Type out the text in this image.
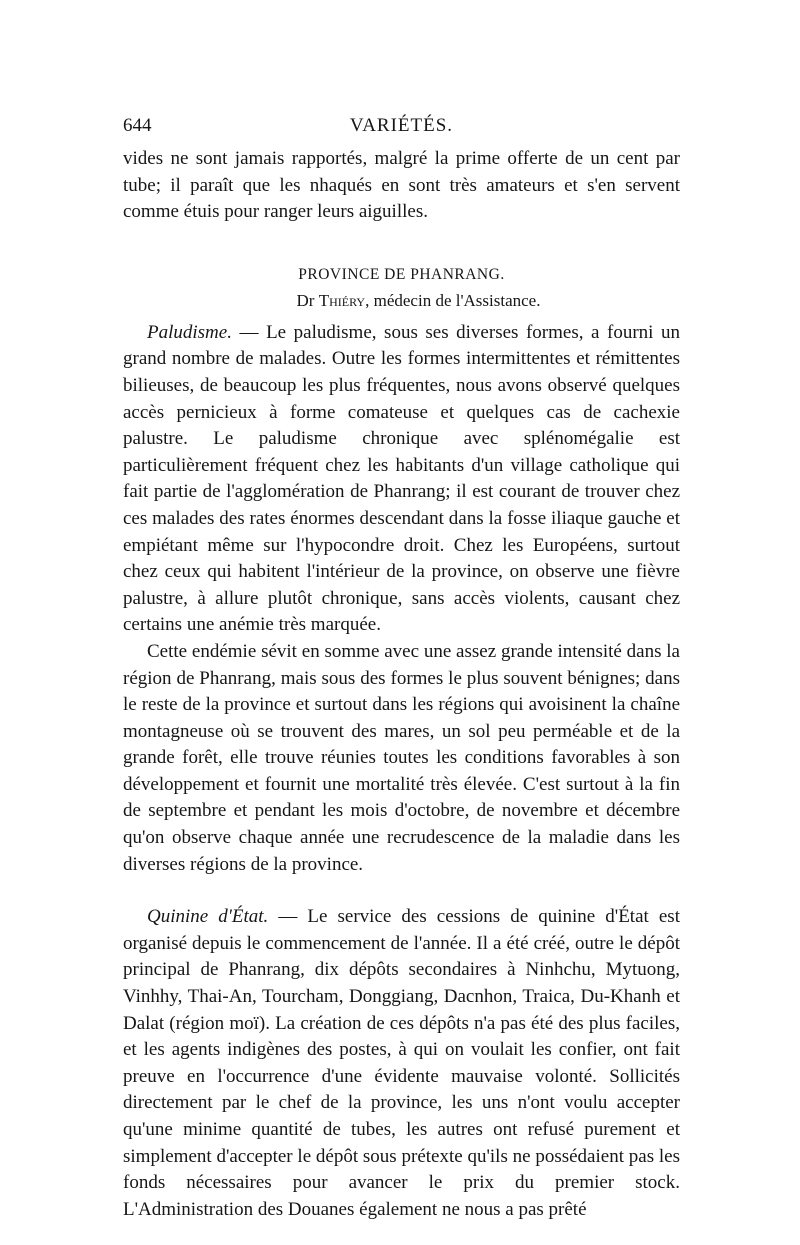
644	VARIÉTÉS.

vides ne sont jamais rapportés, malgré la prime offerte de un cent par tube; il paraît que les nhaqués en sont très amateurs et s'en servent comme étuis pour ranger leurs aiguilles.

PROVINCE DE PHANRANG.

Dr Thiéry, médecin de l'Assistance.

Paludisme. — Le paludisme, sous ses diverses formes, a fourni un grand nombre de malades. Outre les formes intermittentes et rémittentes bilieuses, de beaucoup les plus fréquentes, nous avons observé quelques accès pernicieux à forme comateuse et quelques cas de cachexie palustre. Le paludisme chronique avec splénomégalie est particulièrement fréquent chez les habitants d'un village catholique qui fait partie de l'agglomération de Phanrang; il est courant de trouver chez ces malades des rates énormes descendant dans la fosse iliaque gauche et empiétant même sur l'hypocondre droit. Chez les Européens, surtout chez ceux qui habitent l'intérieur de la province, on observe une fièvre palustre, à allure plutôt chronique, sans accès violents, causant chez certains une anémie très marquée.

Cette endémie sévit en somme avec une assez grande intensité dans la région de Phanrang, mais sous des formes le plus souvent bénignes; dans le reste de la province et surtout dans les régions qui avoisinent la chaîne montagneuse où se trouvent des mares, un sol peu perméable et de la grande forêt, elle trouve réunies toutes les conditions favorables à son développement et fournit une mortalité très élevée. C'est surtout à la fin de septembre et pendant les mois d'octobre, de novembre et décembre qu'on observe chaque année une recrudescence de la maladie dans les diverses régions de la province.

Quinine d'État. — Le service des cessions de quinine d'État est organisé depuis le commencement de l'année. Il a été créé, outre le dépôt principal de Phanrang, dix dépôts secondaires à Ninhchu, Mytuong, Vinhhy, Thai-An, Tourcham, Donggiang, Dacnhon, Traica, Du-Khanh et Dalat (région moï). La création de ces dépôts n'a pas été des plus faciles, et les agents indigènes des postes, à qui on voulait les confier, ont fait preuve en l'occurrence d'une évidente mauvaise volonté. Sollicités directement par le chef de la province, les uns n'ont voulu accepter qu'une minime quantité de tubes, les autres ont refusé purement et simplement d'accepter le dépôt sous prétexte qu'ils ne possédaient pas les fonds nécessaires pour avancer le prix du premier stock. L'Administration des Douanes également ne nous a pas prêté
